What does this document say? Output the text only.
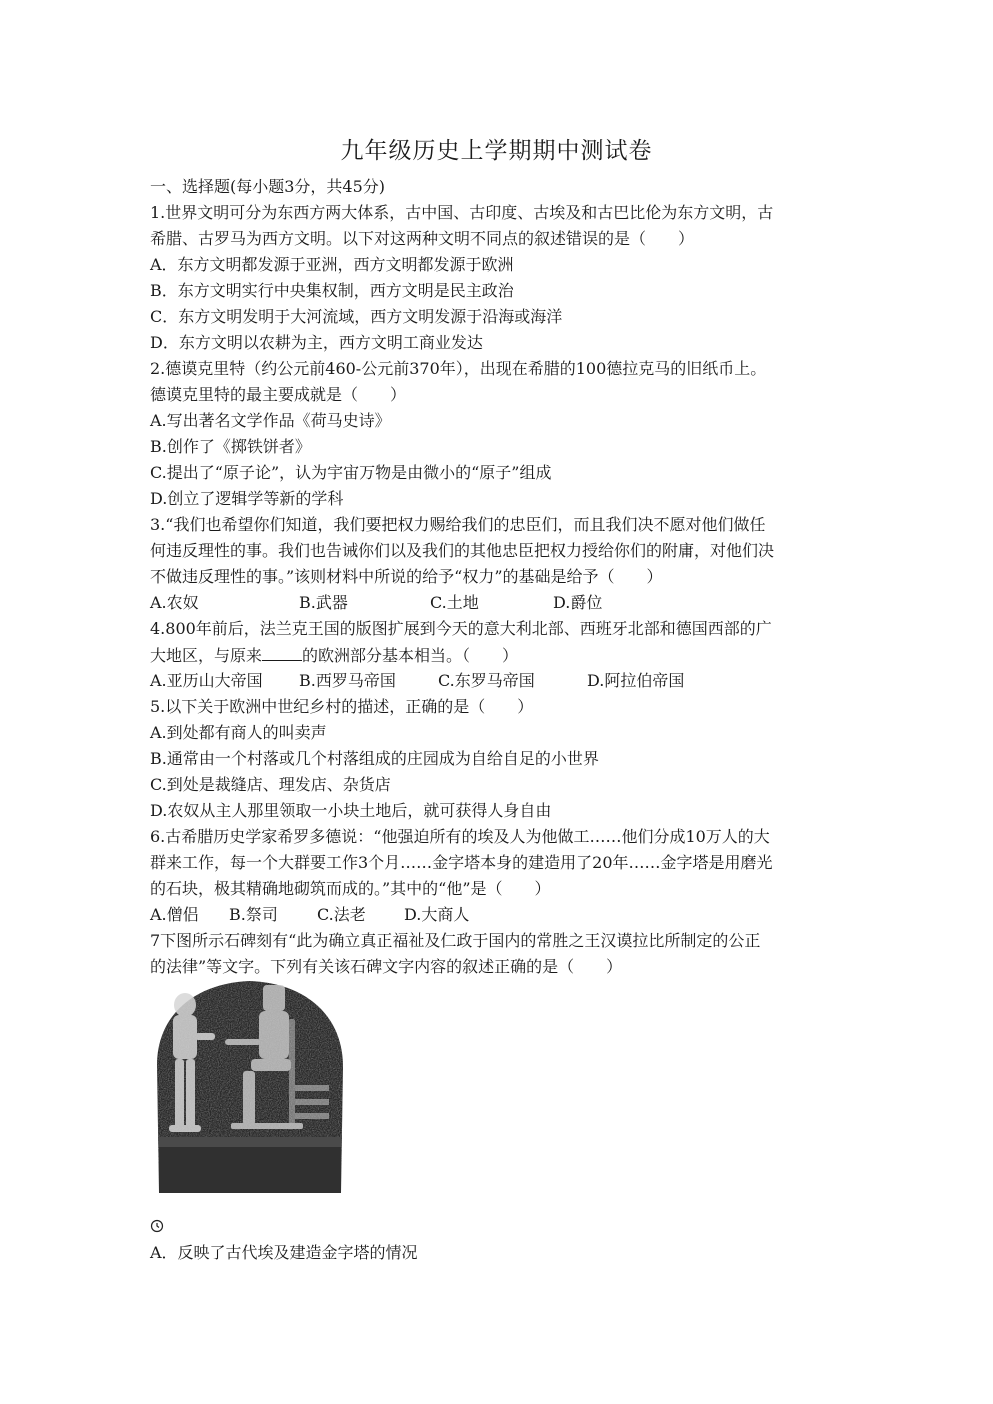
九年级历史上学期期中测试卷
一、选择题(每小题3分，共45分)
1.世界文明可分为东西方两大体系，古中国、古印度、古埃及和古巴比伦为东方文明，古
希腊、古罗马为西方文明。以下对这两种文明不同点的叙述错误的是（　　）
A．东方文明都发源于亚洲，西方文明都发源于欧洲
B．东方文明实行中央集权制，西方文明是民主政治
C．东方文明发明于大河流域，西方文明发源于沿海或海洋
D．东方文明以农耕为主，西方文明工商业发达
2.德谟克里特（约公元前460-公元前370年），出现在希腊的100德拉克马的旧纸币上。
德谟克里特的最主要成就是（　　）
A.写出著名文学作品《荷马史诗》
B.创作了《掷铁饼者》
C.提出了“原子论”，认为宇宙万物是由微小的“原子”组成
D.创立了逻辑学等新的学科
3.“我们也希望你们知道，我们要把权力赐给我们的忠臣们，而且我们决不愿对他们做任
何违反理性的事。我们也告诫你们以及我们的其他忠臣把权力授给你们的附庸，对他们决
不做违反理性的事。”该则材料中所说的给予“权力”的基础是给予（　　）
A.农奴	B.武器	C.土地	D.爵位
4.800年前后，法兰克王国的版图扩展到今天的意大利北部、西班牙北部和德国西部的广
大地区，与原来	的欧洲部分基本相当。（　　）
A.亚历山大帝国 B.西罗马帝国	C.东罗马帝国	D.阿拉伯帝国
5.以下关于欧洲中世纪乡村的描述，正确的是（　　）
A.到处都有商人的叫卖声
B.通常由一个村落或几个村落组成的庄园成为自给自足的小世界
C.到处是裁缝店、理发店、杂货店
D.农奴从主人那里领取一小块土地后，就可获得人身自由
6.古希腊历史学家希罗多德说：“他强迫所有的埃及人为他做工……他们分成10万人的大
群来工作，每一个大群要工作3个月……金字塔本身的建造用了20年……金字塔是用磨光
的石块，极其精确地砌筑而成的。”其中的“他”是（　　）
A.僧侣 B.祭司 C.法老 D.大商人
7下图所示石碑刻有“此为确立真正福祉及仁政于国内的常胜之王汉谟拉比所制定的公正
的法律”等文字。下列有关该石碑文字内容的叙述正确的是（　　）
A．反映了古代埃及建造金字塔的情况
